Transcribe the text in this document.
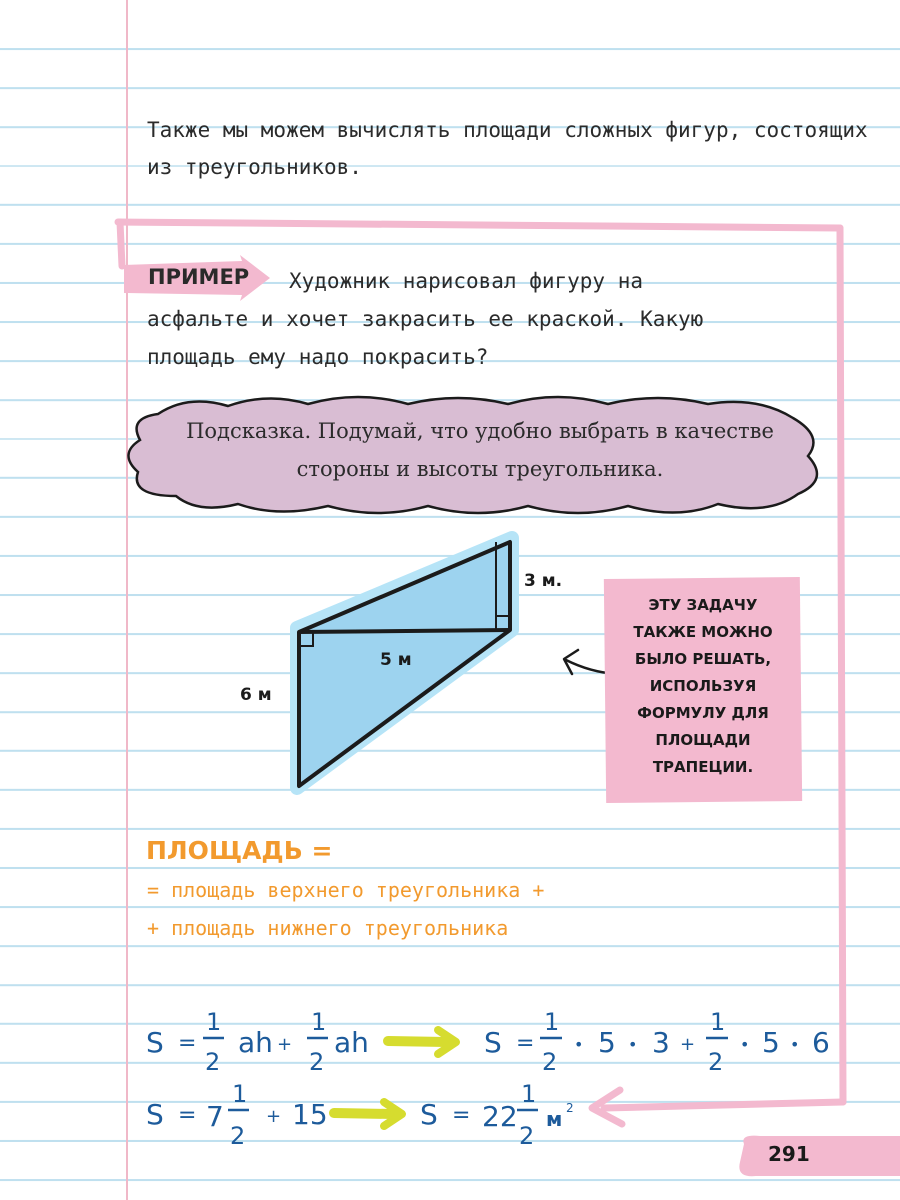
Также мы можем вычислять площади сложных фигур, состоящих из треугольников.

ПРИМЕР	Художник нарисовал фигуру на асфальте и хочет закрасить ее краской. Какую площадь ему надо покрасить?

Подсказка. Подумай, что удобно выбрать в качестве стороны и высоты треугольника.

3 м.
5 м
6 м

ЭТУ ЗАДАЧУ ТАКЖЕ МОЖНО БЫЛО РЕШАТЬ, ИСПОЛЬЗУЯ ФОРМУЛУ ДЛЯ ПЛОЩАДИ ТРАПЕЦИИ.

ПЛОЩАДЬ =

= площадь верхнего треугольника +

+ площадь нижнего треугольника

S =
1
2
ah +
1
2
ah	S =
1
2
• 5 • 3 +
1
2
• 5 • 6
S = 7
1
2
+ 15	S = 22
1
2
м 2
291
